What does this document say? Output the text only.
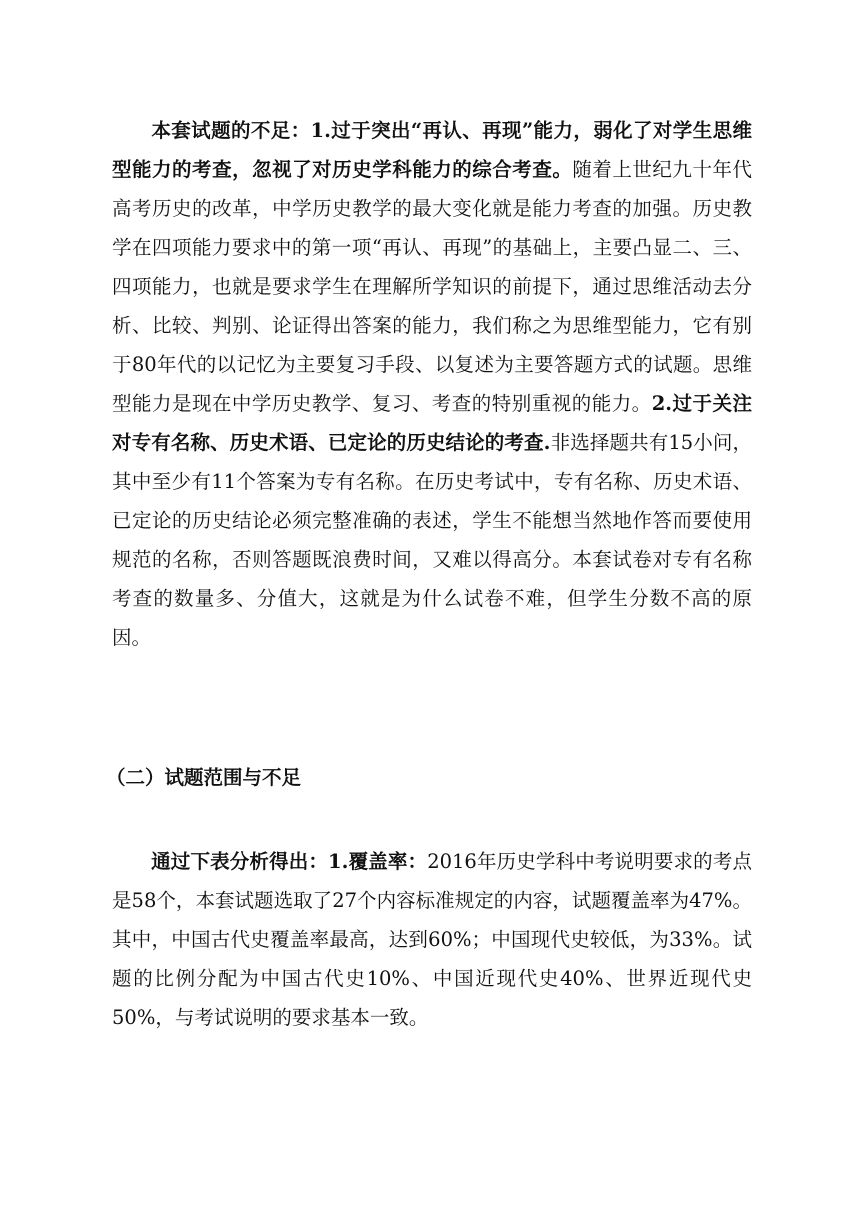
本套试题的不足：1.过于突出“再认、再现”能力，弱化了对学生思维型能力的考查，忽视了对历史学科能力的综合考查。随着上世纪九十年代高考历史的改革，中学历史教学的最大变化就是能力考查的加强。历史教学在四项能力要求中的第一项“再认、再现”的基础上，主要凸显二、三、四项能力，也就是要求学生在理解所学知识的前提下，通过思维活动去分析、比较、判别、论证得出答案的能力，我们称之为思维型能力，它有别于80年代的以记忆为主要复习手段、以复述为主要答题方式的试题。思维型能力是现在中学历史教学、复习、考查的特别重视的能力。2.过于关注对专有名称、历史术语、已定论的历史结论的考查.非选择题共有15小问，其中至少有11个答案为专有名称。在历史考试中，专有名称、历史术语、已定论的历史结论必须完整准确的表述，学生不能想当然地作答而要使用规范的名称，否则答题既浪费时间，又难以得高分。本套试卷对专有名称考查的数量多、分值大，这就是为什么试卷不难，但学生分数不高的原因。

（二）试题范围与不足

通过下表分析得出：1.覆盖率：2016年历史学科中考说明要求的考点是58个，本套试题选取了27个内容标准规定的内容，试题覆盖率为47%。其中，中国古代史覆盖率最高，达到60%；中国现代史较低，为33%。试题的比例分配为中国古代史10%、中国近现代史40%、世界近现代史50%，与考试说明的要求基本一致。
